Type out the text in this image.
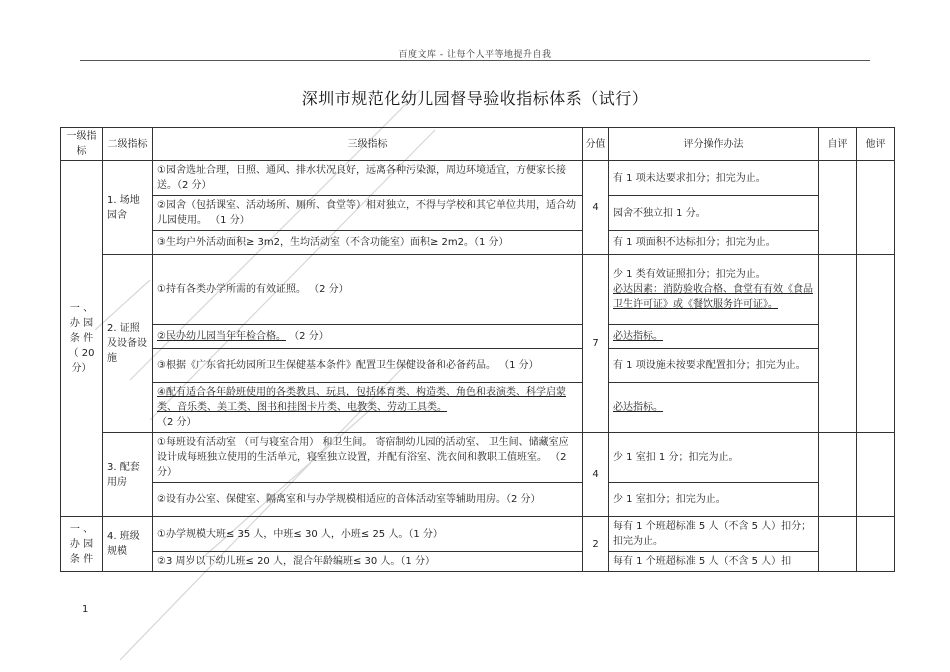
百度文库 - 让每个人平等地提升自我
深圳市规范化幼儿园督导验收指标体系（试行）
一级指标	二级指标	三级指标	分值	评分操作办法	自评	他评
一 、
办 园
条 件
（ 20
分）	1. 场地园舍	①园舍选址合理，日照、通风、排水状况良好，远离各种污染源，周边环境适宜，方便家长接送。（2 分）	4	有 1 项未达要求扣分；扣完为止。		
		②园舍（包括课室、活动场所、厕所、食堂等）相对独立，不得与学校和其它单位共用，适合幼儿园使用。 （1 分）		园舍不独立扣 1 分。		
		③生均户外活动面积≥ 3m2，生均活动室（不含功能室）面积≥ 2m2。（1 分）		有 1 项面积不达标扣分；扣完为止。		
	2. 证照及设备设施	①持有各类办学所需的有效证照。 （2 分）	7	少 1 类有效证照扣分；扣完为止。
必达因素：消防验收合格、食堂有有效《食品卫生许可证》或《餐饮服务许可证》。		

		②民办幼儿园当年年检合格。 （2 分）		必达指标。		
		③根据《广东省托幼园所卫生保健基本条件》配置卫生保健设备和必备药品。 （1 分）		有 1 项设施未按要求配置扣分；扣完为止。		

		④配有适合各年龄班使用的各类教具、玩具，包括体育类、构造类、角色和表演类、科学启蒙类、音乐类、美工类、图书和挂图卡片类、电教类、劳动工具类。
（2 分）		必达指标。		
	3. 配套用房	①每班设有活动室 （可与寝室合用） 和卫生间。 寄宿制幼儿园的活动室、 卫生间、储藏室应设计成每班独立使用的生活单元，寝室独立设置，并配有浴室、洗衣间和教职工值班室。 （2 分）	4	少 1 室扣 1 分；扣完为止。		
		②设有办公室、保健室、隔离室和与办学规模相适应的音体活动室等辅助用房。（2 分）		少 1 室扣分；扣完为止。		
一 、
办 园
条 件	4. 班级规模	①办学规模大班≤ 35 人，中班≤ 30 人，小班≤ 25 人。（1 分）	2	每有 1 个班超标准 5 人（不含 5 人）扣分；扣完为止。		
		②3 周岁以下幼儿班≤ 20 人，混合年龄编班≤ 30 人。（1 分）		每有 1 个班超标准 5 人（不含 5 人）扣		
1
